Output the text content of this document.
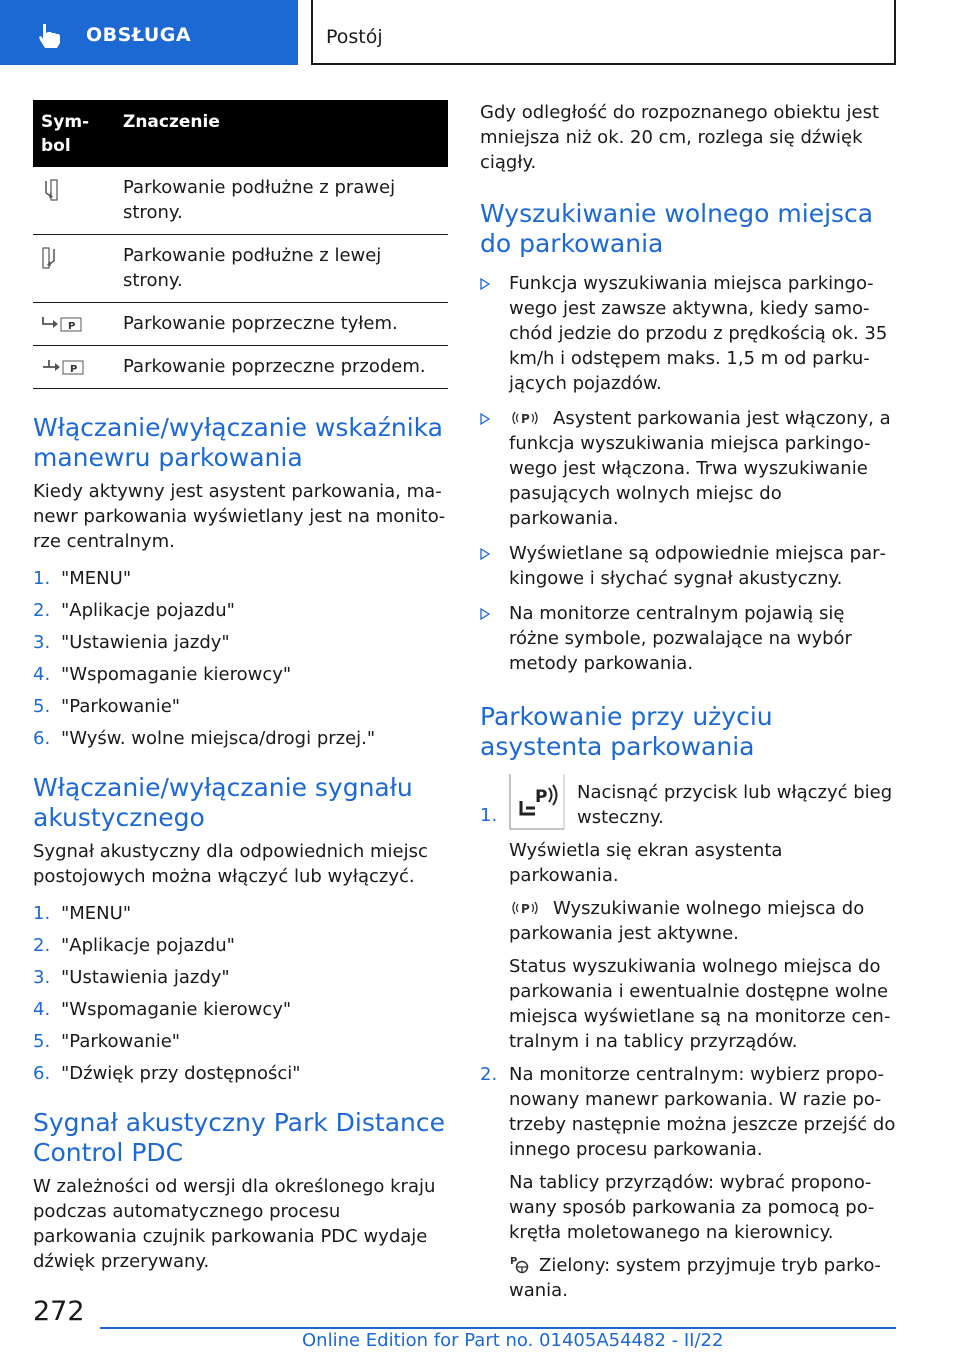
OBSŁUGA	Postój
Sym-
bol	Znaczenie

	Parkowanie podłużne z prawej strony.

	Parkowanie podłużne z lewej strony.

P	Parkowanie poprzeczne tyłem.

P	Parkowanie poprzeczne przodem.
Włączanie/wyłączanie wskaźnika manewru parkowania

Kiedy aktywny jest asystent parkowania, manewr parkowania wyświetlany jest na monitorze centralnym.

1. "MENU"
2. "Aplikacje pojazdu"
3. "Ustawienia jazdy"
4. "Wspomaganie kierowcy"
5. "Parkowanie"
6. "Wyśw. wolne miejsca/drogi przej."
Włączanie/wyłączanie sygnału akustycznego

Sygnał akustyczny dla odpowiednich miejsc postojowych można włączyć lub wyłączyć.

1. "MENU"
2. "Aplikacje pojazdu"
3. "Ustawienia jazdy"
4. "Wspomaganie kierowcy"
5. "Parkowanie"
6. "Dźwięk przy dostępności"
Sygnał akustyczny Park Distance Control PDC

W zależności od wersji dla określonego kraju podczas automatycznego procesu parkowania czujnik parkowania PDC wydaje dźwięk przerywany.

Gdy odległość do rozpoznanego obiektu jest mniejsza niż ok. 20 cm, rozlega się dźwięk ciągły.

Wyszukiwanie wolnego miejsca do parkowania
Funkcja wyszukiwania miejsca parkingowego jest zawsze aktywna, kiedy samochód jedzie do przodu z prędkością ok. 35 km/h i odstępem maks. 1,5 m od parkujących pojazdów.
P Asystent parkowania jest włączony, a funkcja wyszukiwania miejsca parkingowego jest włączona. Trwa wyszukiwanie pasujących wolnych miejsc do parkowania.
Wyświetlane są odpowiednie miejsca parkingowe i słychać sygnał akustyczny.
Na monitorze centralnym pojawią się różne symbole, pozwalające na wybór metody parkowania.
Parkowanie przy użyciu asystenta parkowania
1.
P Nacisnąć przycisk lub włączyć bieg wsteczny.

Wyświetla się ekran asystenta parkowania.

P Wyszukiwanie wolnego miejsca do parkowania jest aktywne.

Status wyszukiwania wolnego miejsca do parkowania i ewentualnie dostępne wolne miejsca wyświetlane są na monitorze centralnym i na tablicy przyrządów.

2. Na monitorze centralnym: wybierz proponowany manewr parkowania. W razie potrzeby następnie można jeszcze przejść do innego procesu parkowania.

Na tablicy przyrządów: wybrać proponowany sposób parkowania za pomocą pokrętła moletowanego na kierownicy.

P Zielony: system przyjmuje tryb parkowania.

272
Online Edition for Part no. 01405A54482 - II/22
